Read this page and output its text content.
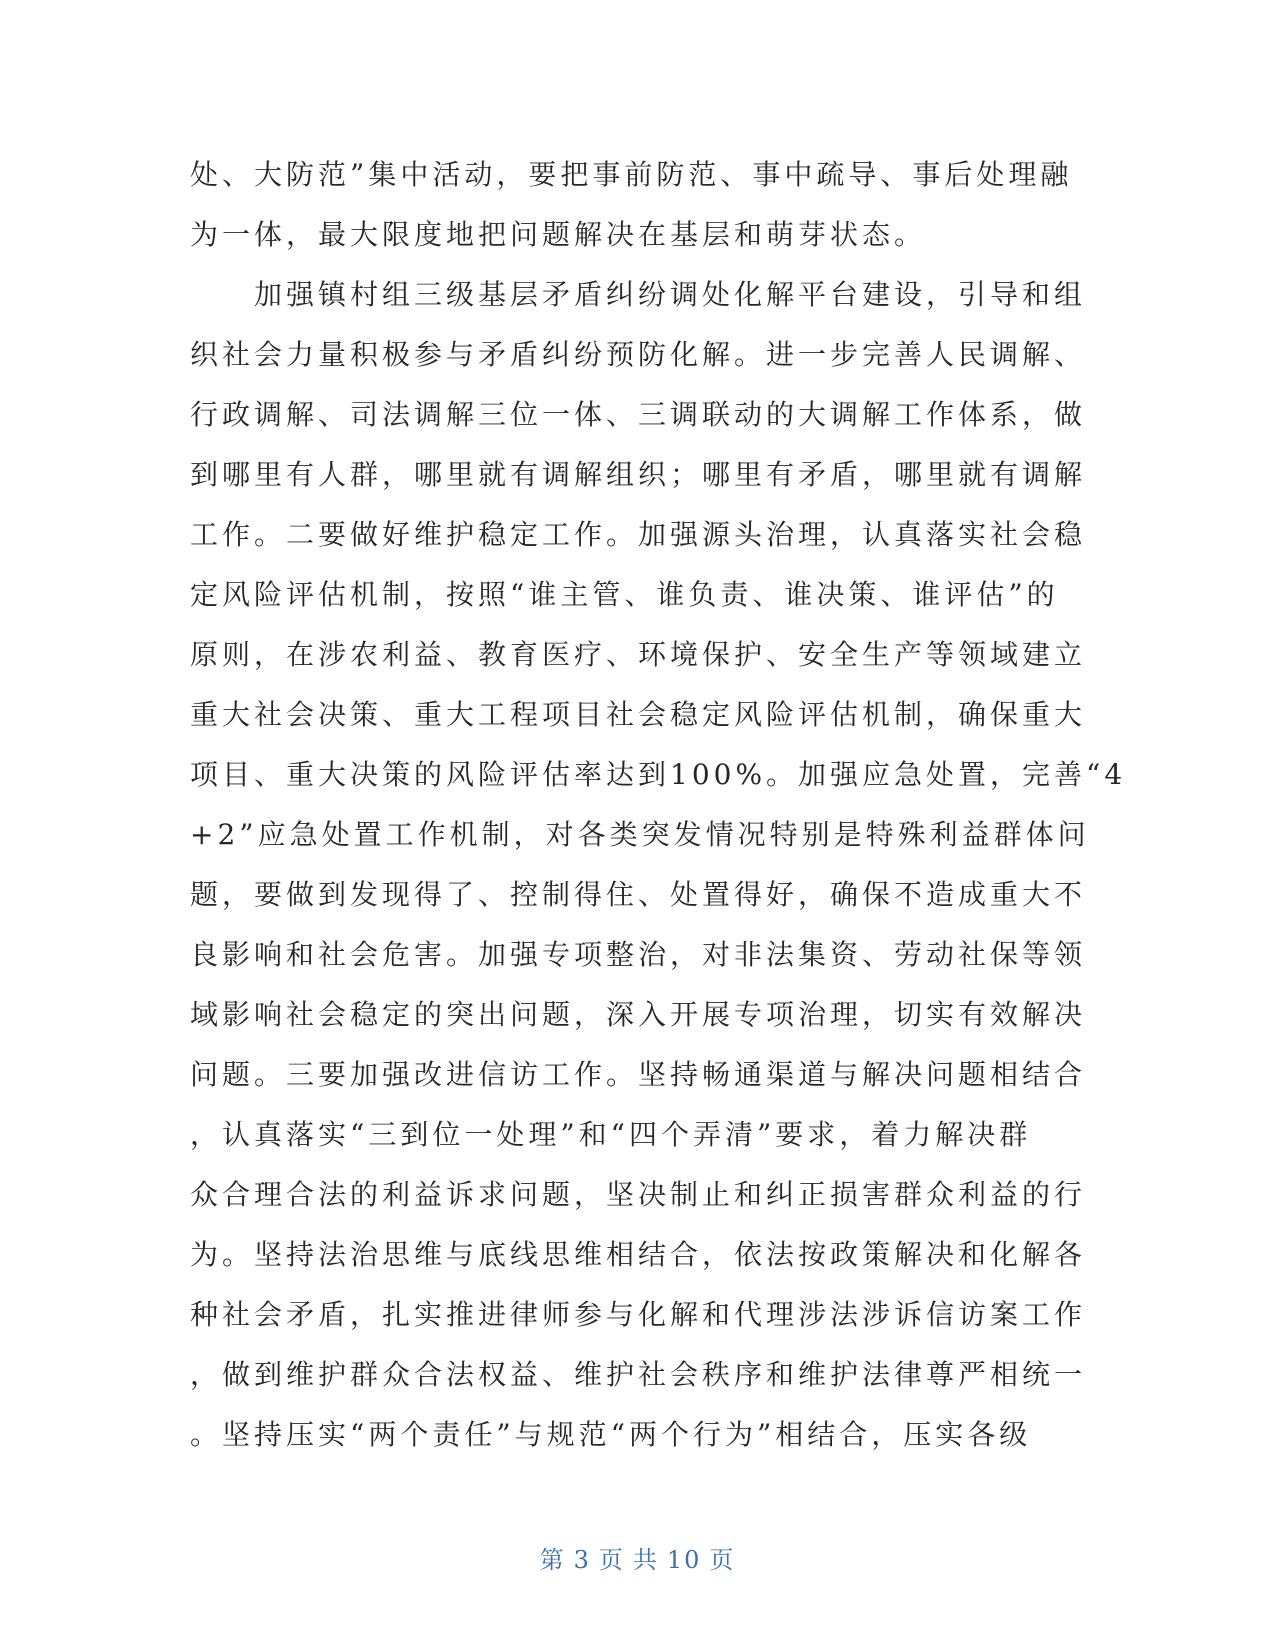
处、大防范”集中活动，要把事前防范、事中疏导、事后处理融
为一体，最大限度地把问题解决在基层和萌芽状态。
　　加强镇村组三级基层矛盾纠纷调处化解平台建设，引导和组
织社会力量积极参与矛盾纠纷预防化解。进一步完善人民调解、
行政调解、司法调解三位一体、三调联动的大调解工作体系，做
到哪里有人群，哪里就有调解组织；哪里有矛盾，哪里就有调解
工作。二要做好维护稳定工作。加强源头治理，认真落实社会稳
定风险评估机制，按照“谁主管、谁负责、谁决策、谁评估”的
原则，在涉农利益、教育医疗、环境保护、安全生产等领域建立
重大社会决策、重大工程项目社会稳定风险评估机制，确保重大
项目、重大决策的风险评估率达到100%。加强应急处置，完善“4
+2”应急处置工作机制，对各类突发情况特别是特殊利益群体问
题，要做到发现得了、控制得住、处置得好，确保不造成重大不
良影响和社会危害。加强专项整治，对非法集资、劳动社保等领
域影响社会稳定的突出问题，深入开展专项治理，切实有效解决
问题。三要加强改进信访工作。坚持畅通渠道与解决问题相结合
，认真落实“三到位一处理”和“四个弄清”要求，着力解决群
众合理合法的利益诉求问题，坚决制止和纠正损害群众利益的行
为。坚持法治思维与底线思维相结合，依法按政策解决和化解各
种社会矛盾，扎实推进律师参与化解和代理涉法涉诉信访案工作
，做到维护群众合法权益、维护社会秩序和维护法律尊严相统一
。坚持压实“两个责任”与规范“两个行为”相结合，压实各级
第 3 页 共 10 页
